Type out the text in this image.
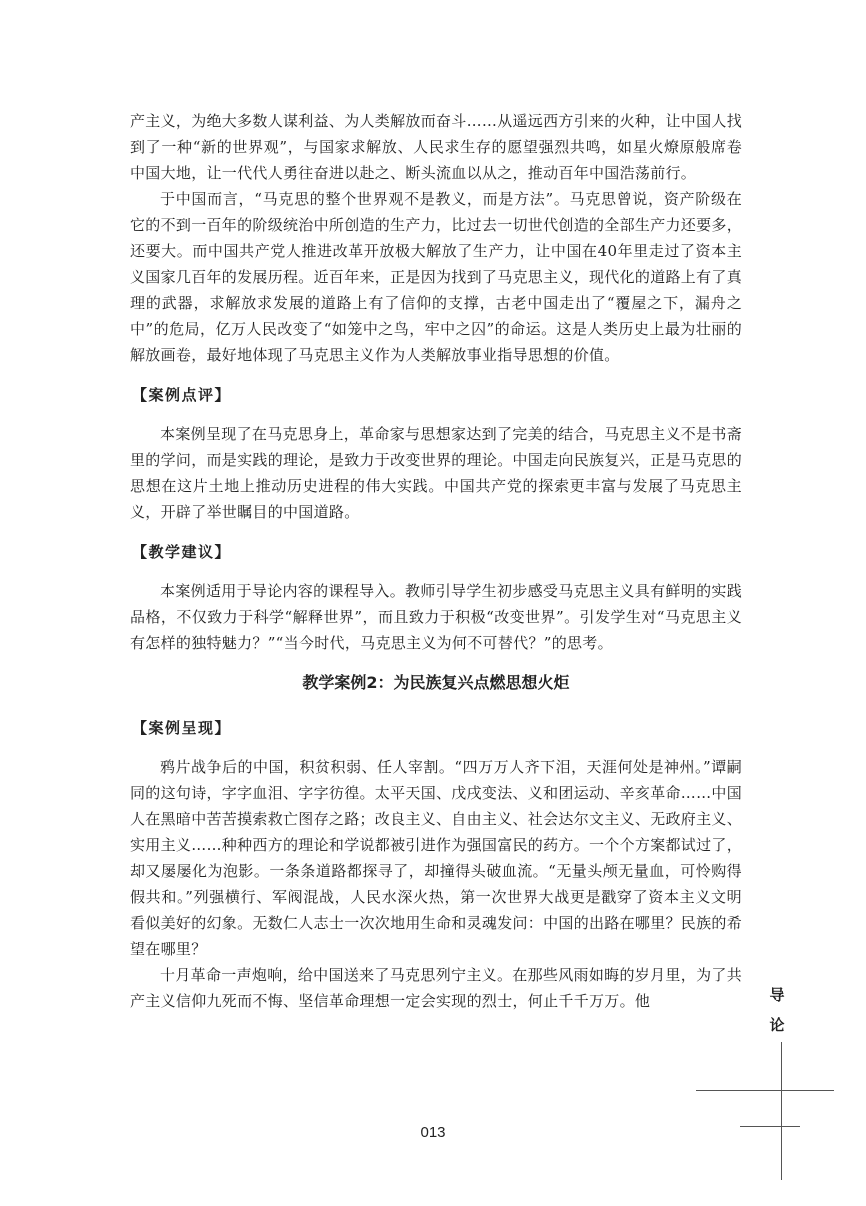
产主义，为绝大多数人谋利益、为人类解放而奋斗……从遥远西方引来的火种，让中国人找到了一种“新的世界观”，与国家求解放、人民求生存的愿望强烈共鸣，如星火燎原般席卷中国大地，让一代代人勇往奋进以赴之、断头流血以从之，推动百年中国浩荡前行。

于中国而言，“马克思的整个世界观不是教义，而是方法”。马克思曾说，资产阶级在它的不到一百年的阶级统治中所创造的生产力，比过去一切世代创造的全部生产力还要多，还要大。而中国共产党人推进改革开放极大解放了生产力，让中国在40年里走过了资本主义国家几百年的发展历程。近百年来，正是因为找到了马克思主义，现代化的道路上有了真理的武器，求解放求发展的道路上有了信仰的支撑，古老中国走出了“覆屋之下，漏舟之中”的危局，亿万人民改变了“如笼中之鸟，牢中之囚”的命运。这是人类历史上最为壮丽的解放画卷，最好地体现了马克思主义作为人类解放事业指导思想的价值。

【案例点评】

本案例呈现了在马克思身上，革命家与思想家达到了完美的结合，马克思主义不是书斋里的学问，而是实践的理论，是致力于改变世界的理论。中国走向民族复兴，正是马克思的思想在这片土地上推动历史进程的伟大实践。中国共产党的探索更丰富与发展了马克思主义，开辟了举世瞩目的中国道路。

【教学建议】

本案例适用于导论内容的课程导入。教师引导学生初步感受马克思主义具有鲜明的实践品格，不仅致力于科学“解释世界”，而且致力于积极“改变世界”。引发学生对“马克思主义有怎样的独特魅力？”“当今时代，马克思主义为何不可替代？”的思考。

教学案例2：为民族复兴点燃思想火炬
【案例呈现】

鸦片战争后的中国，积贫积弱、任人宰割。“四万万人齐下泪，天涯何处是神州。”谭嗣同的这句诗，字字血泪、字字彷徨。太平天国、戊戌变法、义和团运动、辛亥革命……中国人在黑暗中苦苦摸索救亡图存之路；改良主义、自由主义、社会达尔文主义、无政府主义、实用主义……种种西方的理论和学说都被引进作为强国富民的药方。一个个方案都试过了，却又屡屡化为泡影。一条条道路都探寻了，却撞得头破血流。“无量头颅无量血，可怜购得假共和。”列强横行、军阀混战，人民水深火热，第一次世界大战更是戳穿了资本主义文明看似美好的幻象。无数仁人志士一次次地用生命和灵魂发问：中国的出路在哪里？民族的希望在哪里？

十月革命一声炮响，给中国送来了马克思列宁主义。在那些风雨如晦的岁月里，为了共产主义信仰九死而不悔、坚信革命理想一定会实现的烈士，何止千千万万。他	导
论
013
